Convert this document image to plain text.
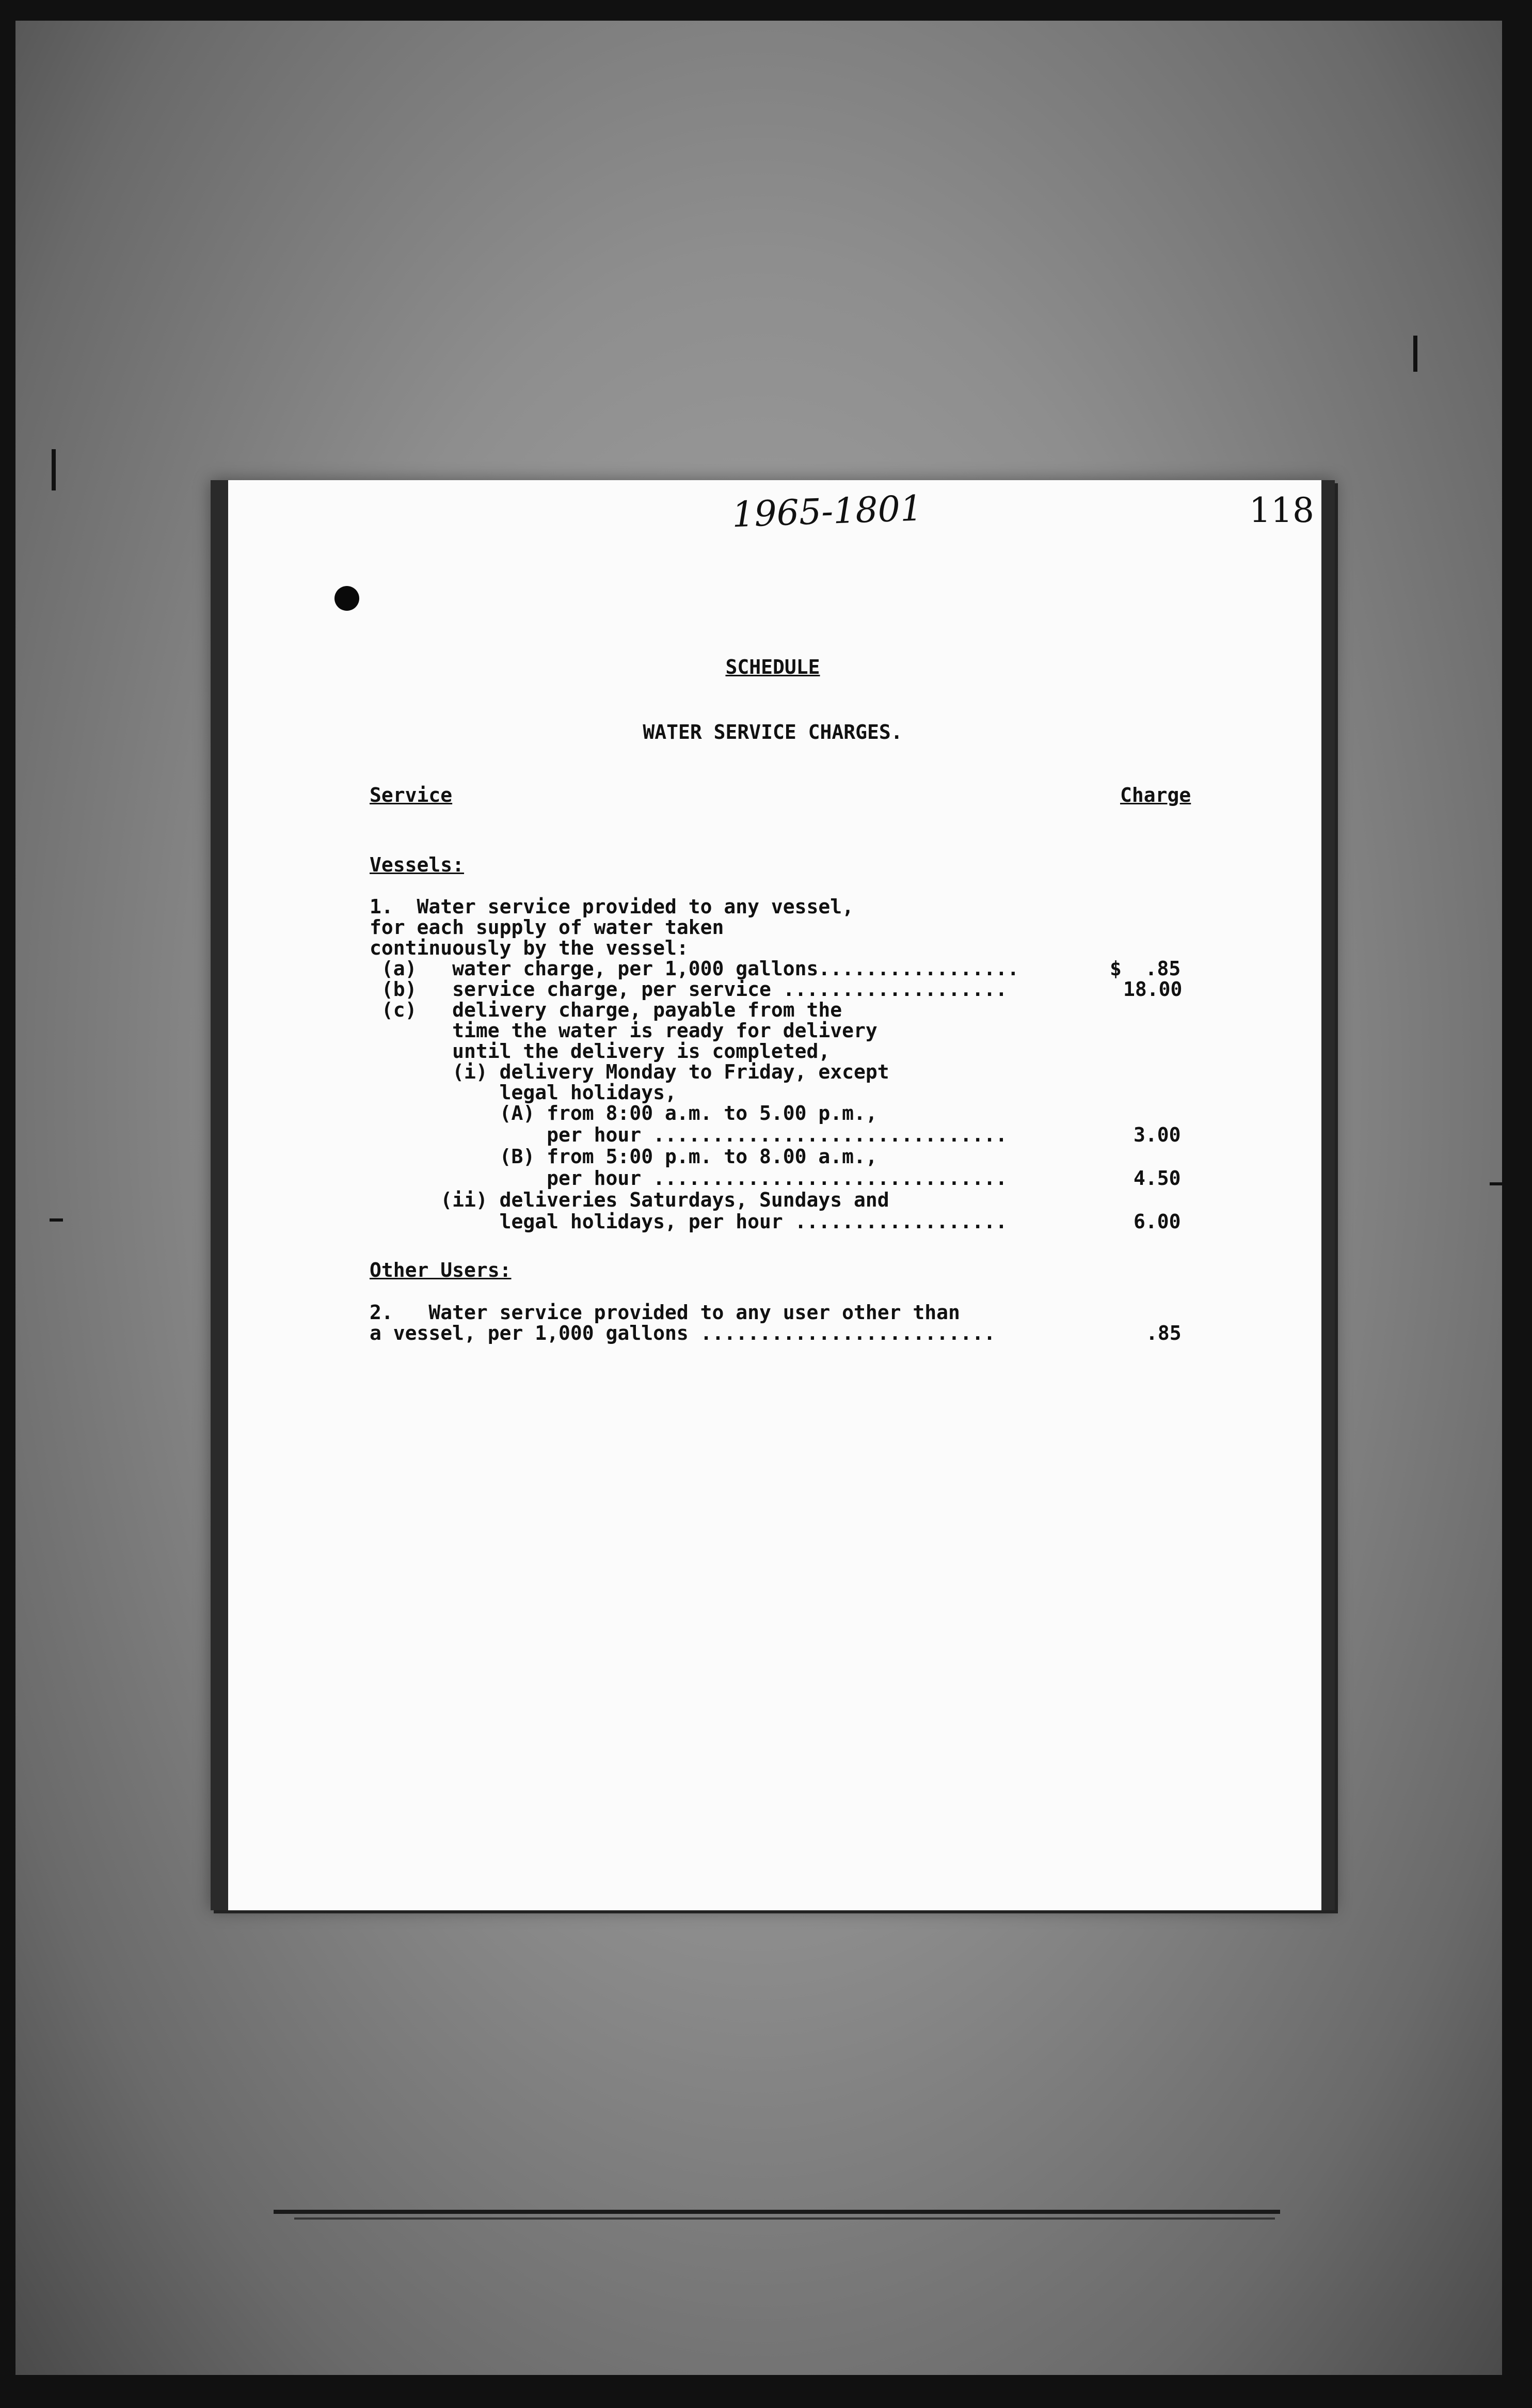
1965-1801	118
SCHEDULE
WATER SERVICE CHARGES.
Service	Charge
Vessels:
1.  Water service provided to any vessel,
for each supply of water taken
continuously by the vessel:
(a)   water charge, per 1,000 gallons.................	$  .85
(b)   service charge, per service ...................	18.00
(c)   delivery charge, payable from the
time the water is ready for delivery
until the delivery is completed,
(i) delivery Monday to Friday, except
legal holidays,
(A) from 8:00 a.m. to 5.00 p.m.,
per hour ..............................	3.00
(B) from 5:00 p.m. to 8.00 a.m.,
per hour ..............................	4.50
(ii) deliveries Saturdays, Sundays and
legal holidays, per hour ..................	6.00
Other Users:
2.   Water service provided to any user other than
a vessel, per 1,000 gallons .........................	.85
